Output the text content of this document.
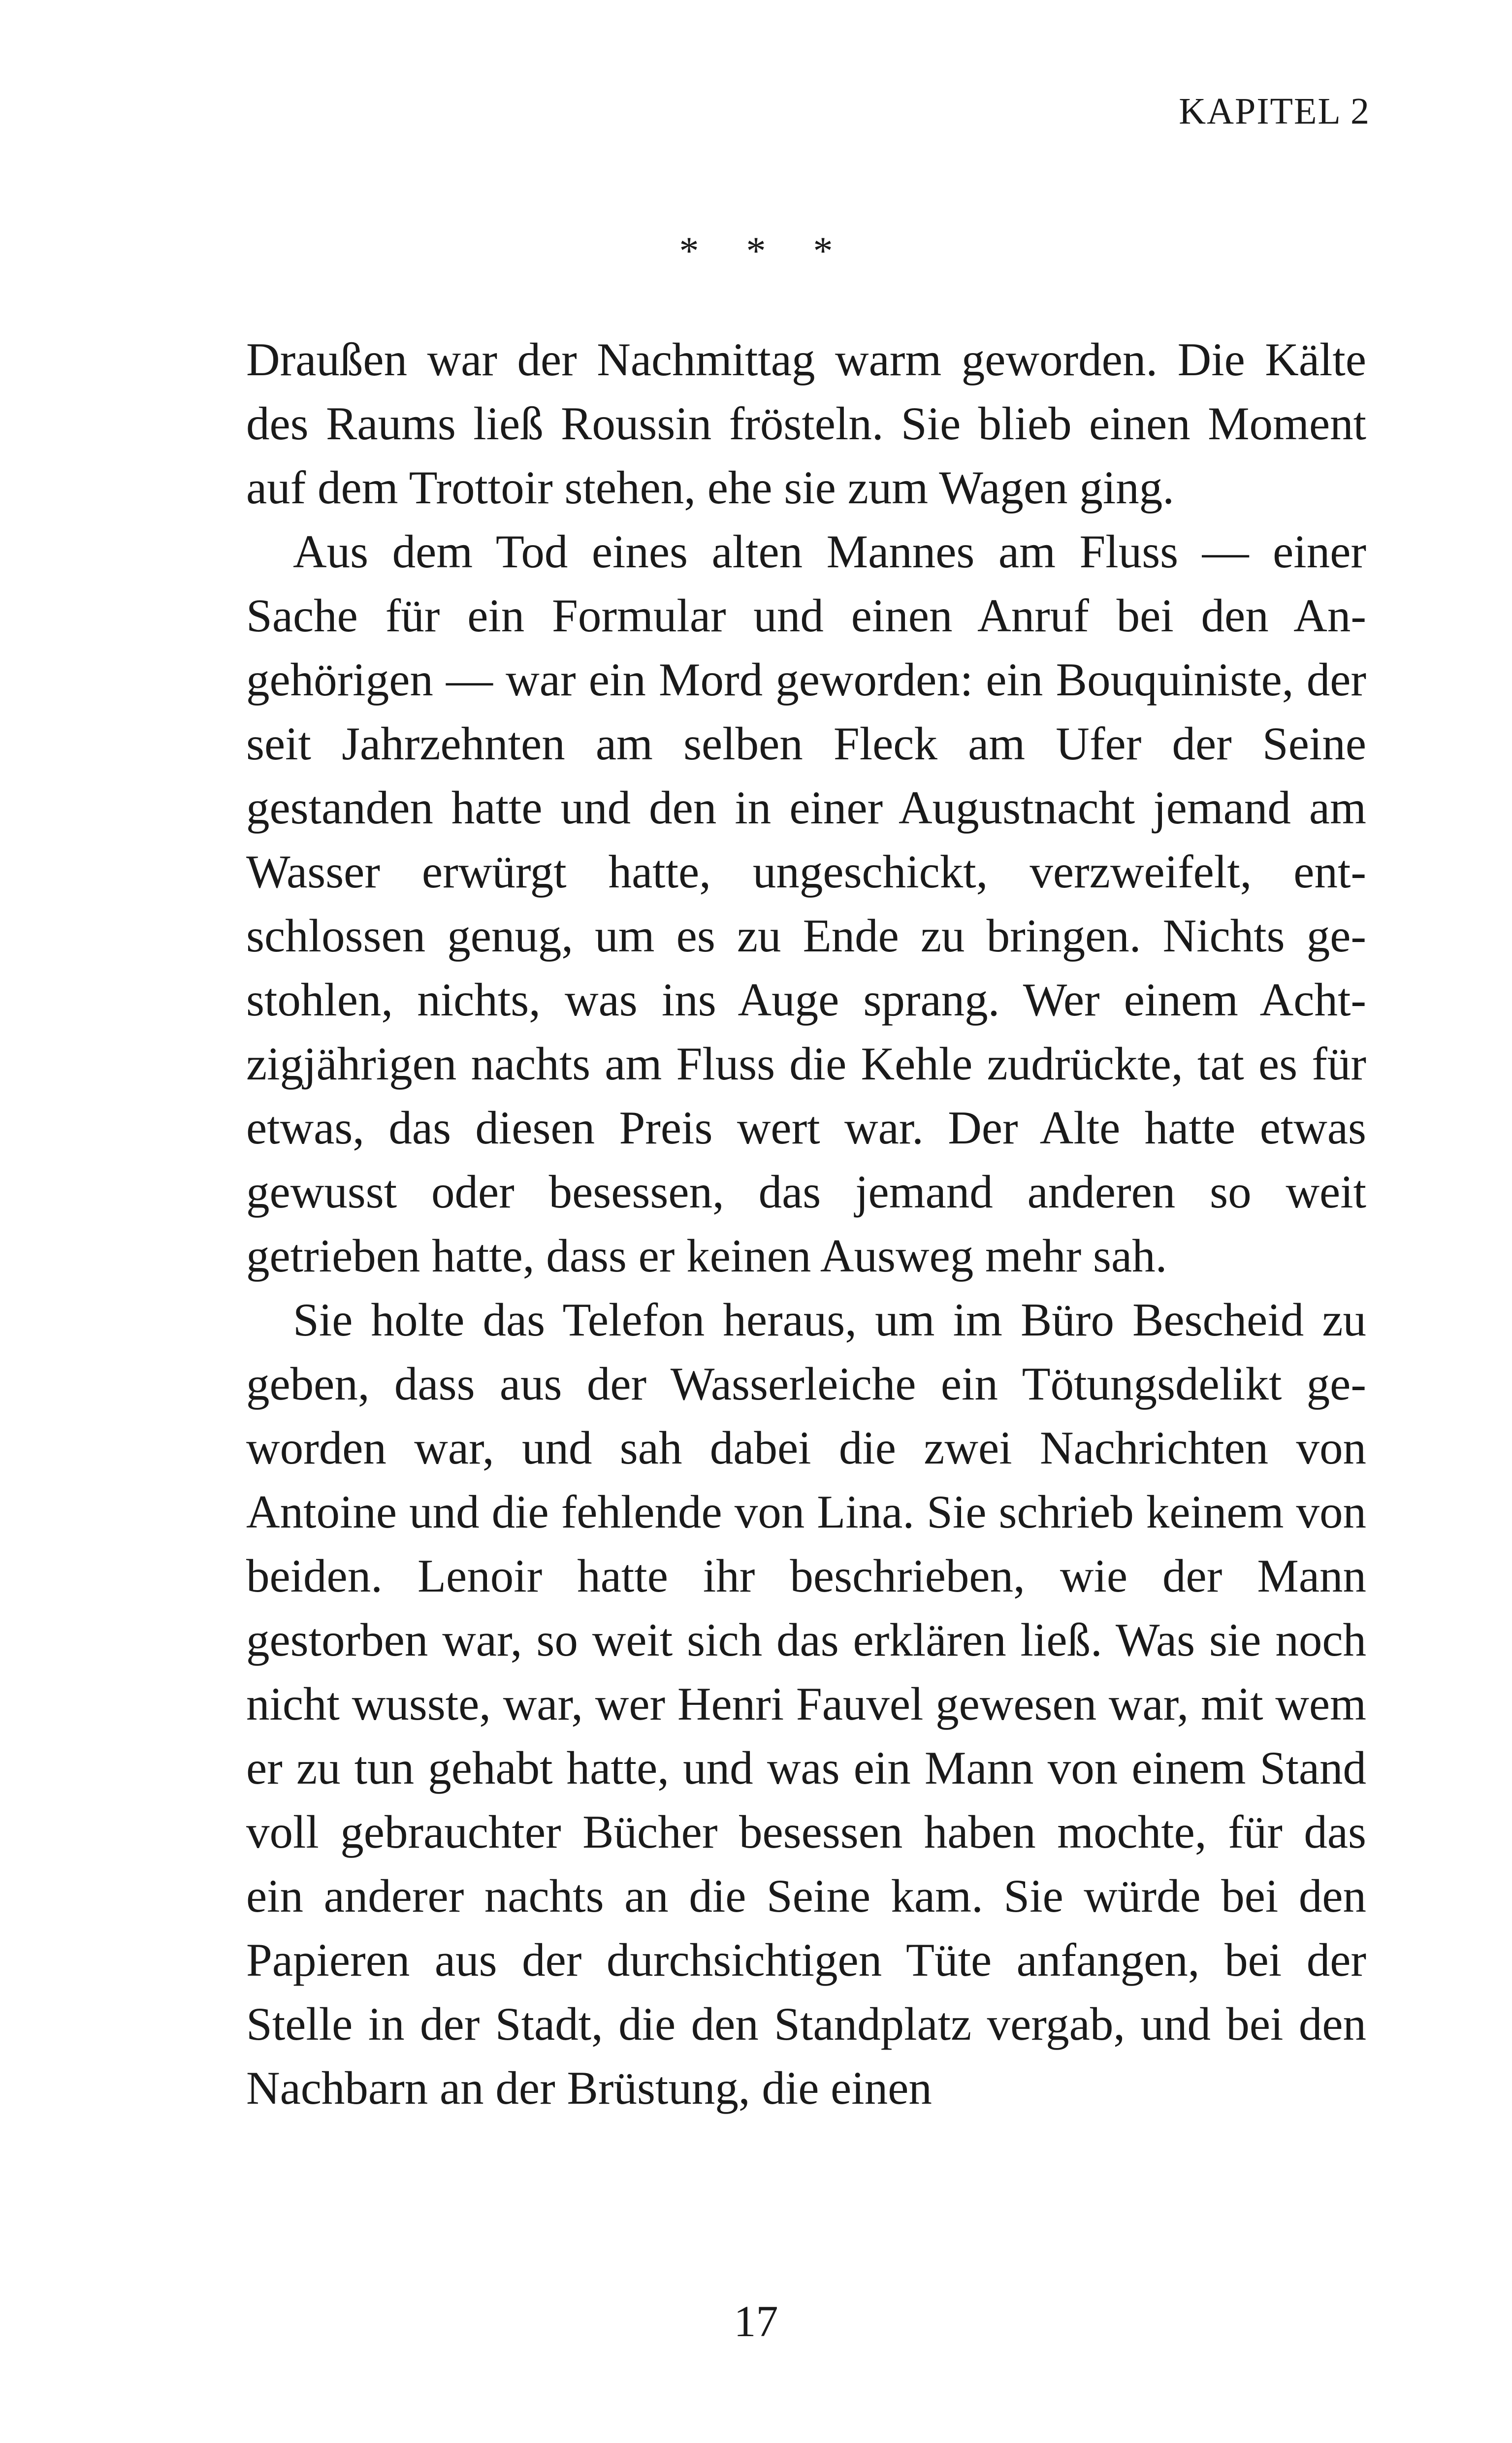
KAPITEL 2
* * *

Draußen war der Nachmittag warm geworden. Die Kälte des Raums ließ Roussin frösteln. Sie blieb einen Moment auf dem Trottoir stehen, ehe sie zum Wagen ging.

Aus dem Tod eines alten Mannes am Fluss — einer Sache für ein Formular und einen Anruf bei den Angehörigen — war ein Mord geworden: ein Bouquiniste, der seit Jahrzehnten am selben Fleck am Ufer der Seine gestanden hatte und den in einer Augustnacht jemand am Wasser erwürgt hatte, ungeschickt, verzweifelt, entschlossen genug, um es zu Ende zu bringen. Nichts gestohlen, nichts, was ins Auge sprang. Wer einem Achtzigjährigen nachts am Fluss die Kehle zudrückte, tat es für etwas, das diesen Preis wert war. Der Alte hatte etwas gewusst oder besessen, das jemand anderen so weit getrieben hatte, dass er keinen Ausweg mehr sah.

Sie holte das Telefon heraus, um im Büro Bescheid zu geben, dass aus der Wasserleiche ein Tötungsdelikt geworden war, und sah dabei die zwei Nachrichten von Antoine und die fehlende von Lina. Sie schrieb keinem von beiden. Lenoir hatte ihr beschrieben, wie der Mann gestorben war, so weit sich das erklären ließ. Was sie noch nicht wusste, war, wer Henri Fauvel gewesen war, mit wem er zu tun gehabt hatte, und was ein Mann von einem Stand voll gebrauchter Bücher besessen haben mochte, für das ein anderer nachts an die Seine kam. Sie würde bei den Papieren aus der durchsichtigen Tüte anfangen, bei der Stelle in der Stadt, die den Standplatz vergab, und bei den Nachbarn an der Brüstung, die einen

17
